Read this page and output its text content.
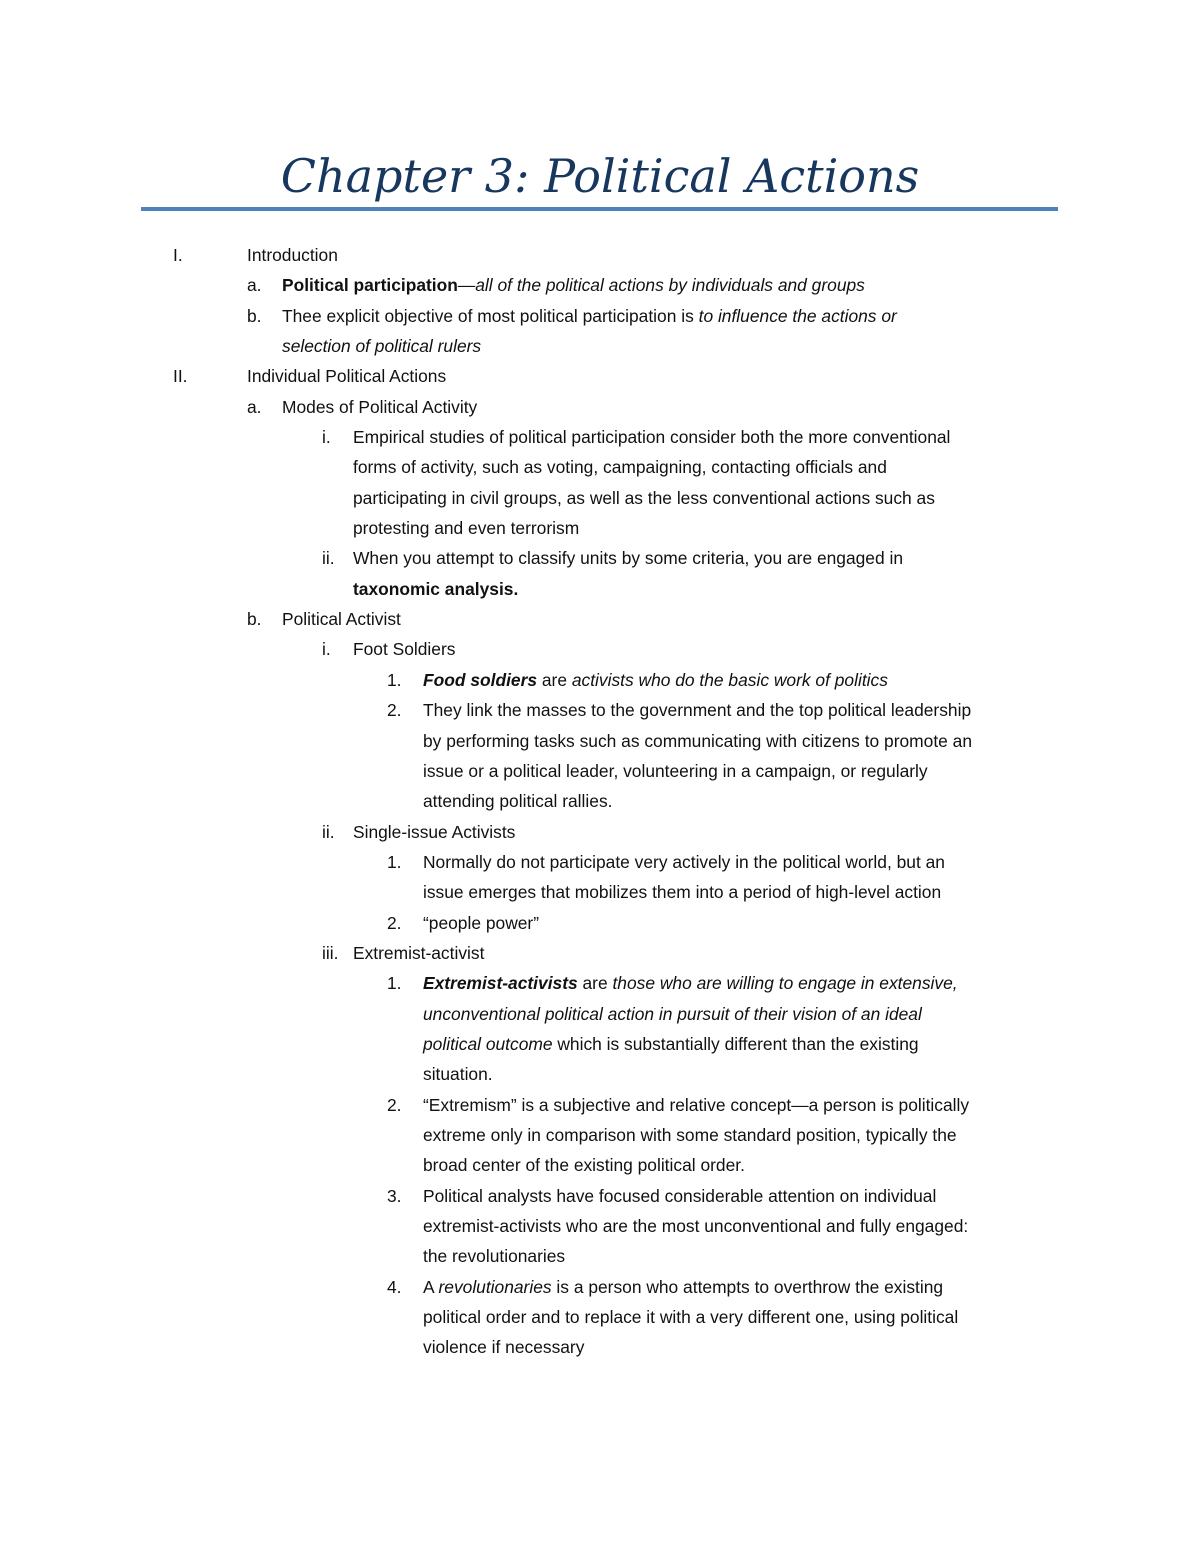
Chapter 3: Political Actions
I.	Introduction
a. Political participation—all of the political actions by individuals and groups
b. Thee explicit objective of most political participation is to influence the actions or
selection of political rulers
II.	Individual Political Actions
a. Modes of Political Activity
i. Empirical studies of political participation consider both the more conventional
forms of activity, such as voting, campaigning, contacting officials and
participating in civil groups, as well as the less conventional actions such as
protesting and even terrorism
ii. When you attempt to classify units by some criteria, you are engaged in
taxonomic analysis.
b. Political Activist
i. Foot Soldiers
1. Food soldiers are activists who do the basic work of politics
2. They link the masses to the government and the top political leadership
by performing tasks such as communicating with citizens to promote an
issue or a political leader, volunteering in a campaign, or regularly
attending political rallies.
ii. Single-issue Activists
1. Normally do not participate very actively in the political world, but an
issue emerges that mobilizes them into a period of high-level action
2. “people power”
iii. Extremist-activist
1. Extremist-activists are those who are willing to engage in extensive,
unconventional political action in pursuit of their vision of an ideal
political outcome which is substantially different than the existing
situation.
2. “Extremism” is a subjective and relative concept—a person is politically
extreme only in comparison with some standard position, typically the
broad center of the existing political order.
3. Political analysts have focused considerable attention on individual
extremist-activists who are the most unconventional and fully engaged:
the revolutionaries
4. A revolutionaries is a person who attempts to overthrow the existing
political order and to replace it with a very different one, using political
violence if necessary
